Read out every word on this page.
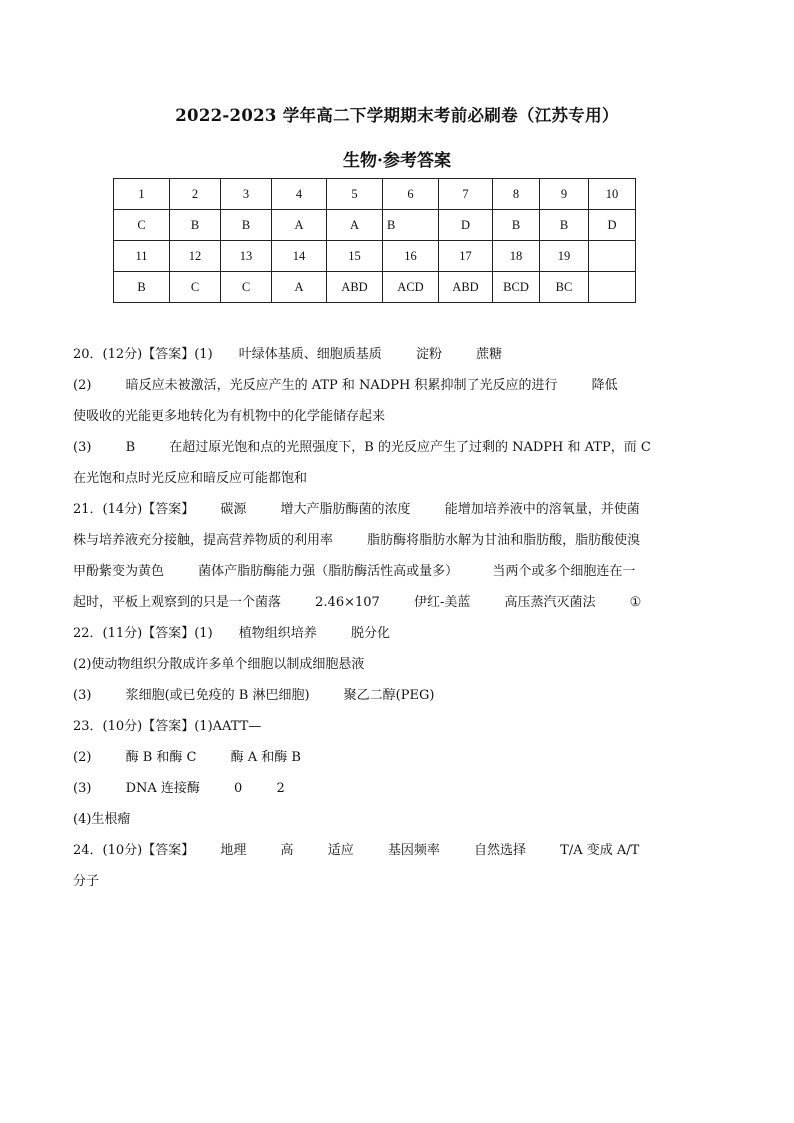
2022-2023 学年高二下学期期末考前必刷卷（江苏专用）
生物·参考答案
1	2	3	4	5	6	7	8	9	10
C	B	B	A	A	B	D	B	B	D
11	12	13	14	15	16	17	18	19	
B	C	C	A	ABD	ACD	ABD	BCD	BC	
20．(12分)【答案】(1) 叶绿体基质、细胞质基质	淀粉	蔗糖
(2)	暗反应未被激活，光反应产生的 ATP 和 NADPH 积累抑制了光反应的进行	降低
使吸收的光能更多地转化为有机物中的化学能储存起来
(3)	B	在超过原光饱和点的光照强度下，B 的光反应产生了过剩的 NADPH 和 ATP，而 C
在光饱和点时光反应和暗反应可能都饱和
21．(14分)【答案】 碳源	增大产脂肪酶菌的浓度	能增加培养液中的溶氧量，并使菌
株与培养液充分接触，提高营养物质的利用率	脂肪酶将脂肪水解为甘油和脂肪酸，脂肪酸使溴
甲酚紫变为黄色	菌体产脂肪酶能力强（脂肪酶活性高或量多）	当两个或多个细胞连在一
起时，平板上观察到的只是一个菌落	2.46×107	伊红-美蓝	高压蒸汽灭菌法	①
22．(11分)【答案】(1) 植物组织培养	脱分化
(2)使动物组织分散成许多单个细胞以制成细胞悬液
(3)	浆细胞(或已免疫的 B 淋巴细胞)	聚乙二醇(PEG)
23．(10分)【答案】(1)AATT—
(2)	酶 B 和酶 C	酶 A 和酶 B
(3)	DNA 连接酶	0	2
(4)生根瘤
24．(10分)【答案】 地理	高	适应	基因频率	自然选择	T/A 变成 A/T
分子
